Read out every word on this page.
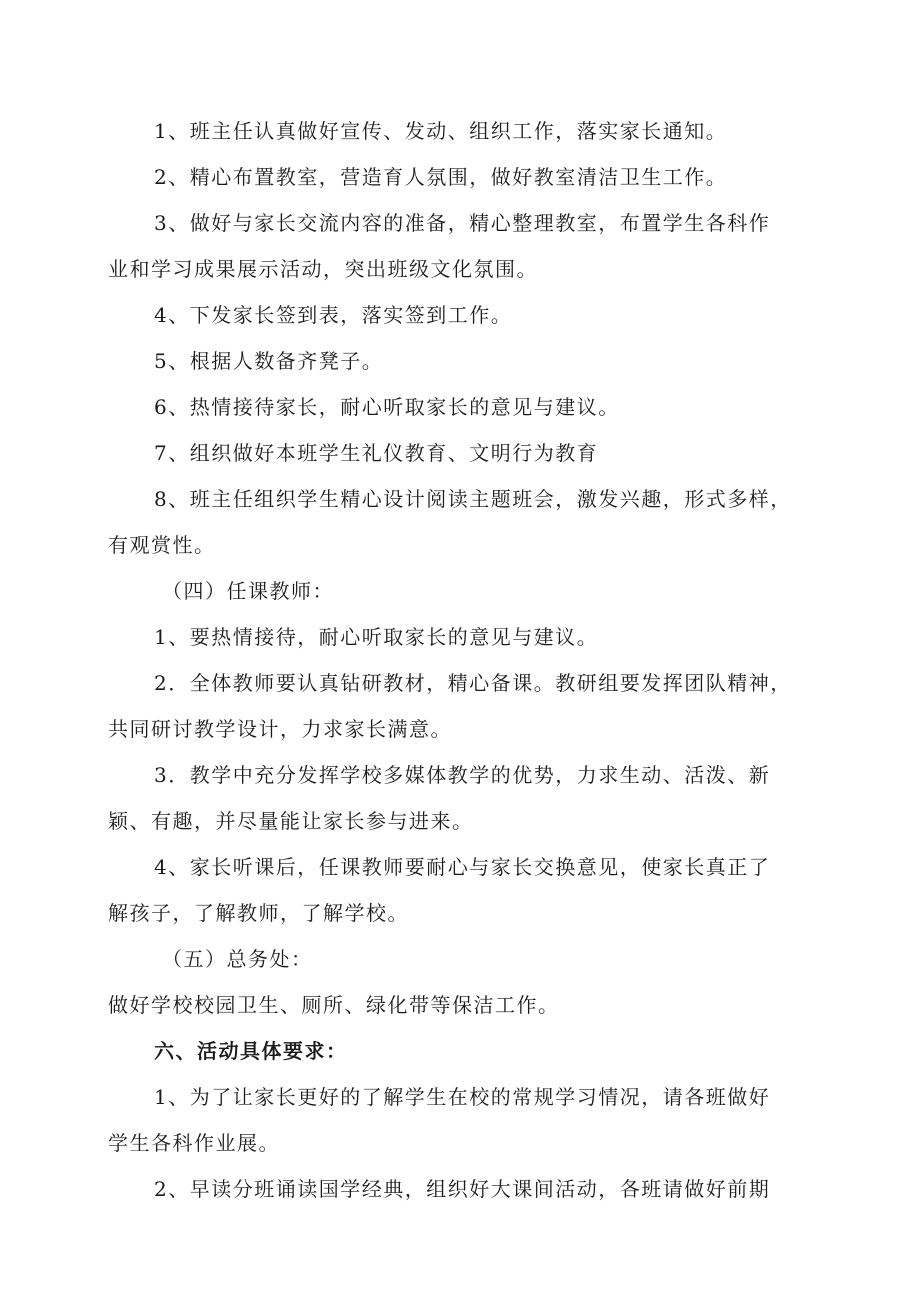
1、班主任认真做好宣传、发动、组织工作，落实家长通知。

2、精心布置教室，营造育人氛围，做好教室清洁卫生工作。

3、做好与家长交流内容的准备，精心整理教室，布置学生各科作

业和学习成果展示活动，突出班级文化氛围。

4、下发家长签到表，落实签到工作。

5、根据人数备齐凳子。

6、热情接待家长，耐心听取家长的意见与建议。

7、组织做好本班学生礼仪教育、文明行为教育

8、班主任组织学生精心设计阅读主题班会，激发兴趣，形式多样，

有观赏性。

（四）任课教师：

1、要热情接待，耐心听取家长的意见与建议。

2．全体教师要认真钻研教材，精心备课。教研组要发挥团队精神，

共同研讨教学设计，力求家长满意。

3．教学中充分发挥学校多媒体教学的优势，力求生动、活泼、新

颖、有趣，并尽量能让家长参与进来。

4、家长听课后，任课教师要耐心与家长交换意见，使家长真正了

解孩子，了解教师，了解学校。

（五）总务处：

做好学校校园卫生、厕所、绿化带等保洁工作。

六、活动具体要求：

1、为了让家长更好的了解学生在校的常规学习情况，请各班做好

学生各科作业展。

2、早读分班诵读国学经典，组织好大课间活动，各班请做好前期
